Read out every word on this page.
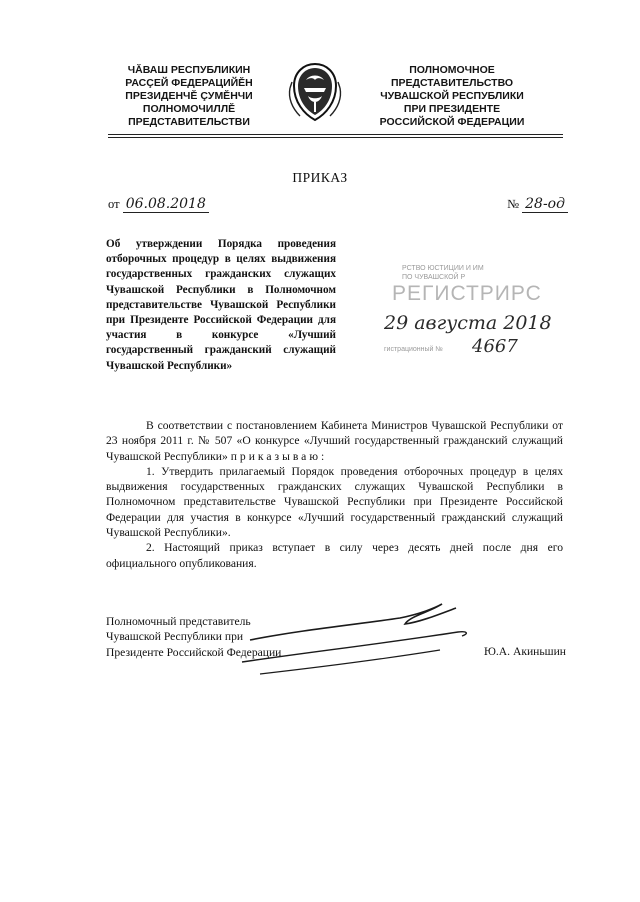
ЧĂВАШ РЕСПУБЛИКИН
РАСÇЕЙ ФЕДЕРАЦИЙĔН
ПРЕЗИДЕНЧĔ ÇУМĔНЧИ
ПОЛНОМОЧИЛЛĔ
ПРЕДСТАВИТЕЛЬСТВИ
ПОЛНОМОЧНОЕ
ПРЕДСТАВИТЕЛЬСТВО
ЧУВАШСКОЙ РЕСПУБЛИКИ
ПРИ ПРЕЗИДЕНТЕ
РОССИЙСКОЙ ФЕДЕРАЦИИ
ПРИКАЗ
от 06.08.2018	№ 28-од
Об утверждении Порядка проведения отборочных процедур в целях выдвижения государственных гражданских служащих Чувашской Республики в Полномочном представительстве Чувашской Республики при Президенте Российской Федерации для участия в конкурсе «Лучший государственный гражданский служащий Чувашской Республики»
РСТВО ЮСТИЦИИ И ИМ
ПО ЧУВАШСКОЙ Р
РЕГИСТРИРС
29 августа 2018
гистрационный № 4667

В соответствии с постановлением Кабинета Министров Чувашской Республики от 23 ноября 2011 г. № 507 «О конкурсе «Лучший государственный гражданский служащий Чувашской Республики» приказываю:

1. Утвердить прилагаемый Порядок проведения отборочных процедур в целях выдвижения государственных гражданских служащих Чувашской Республики в Полномочном представительстве Чувашской Республики при Президенте Российской Федерации для участия в конкурсе «Лучший государственный гражданский служащий Чувашской Республики».

2. Настоящий приказ вступает в силу через десять дней после дня его официального опубликования.

Полномочный представитель
Чувашской Республики при
Президенте Российской Федерации	Ю.А. Акиньшин
